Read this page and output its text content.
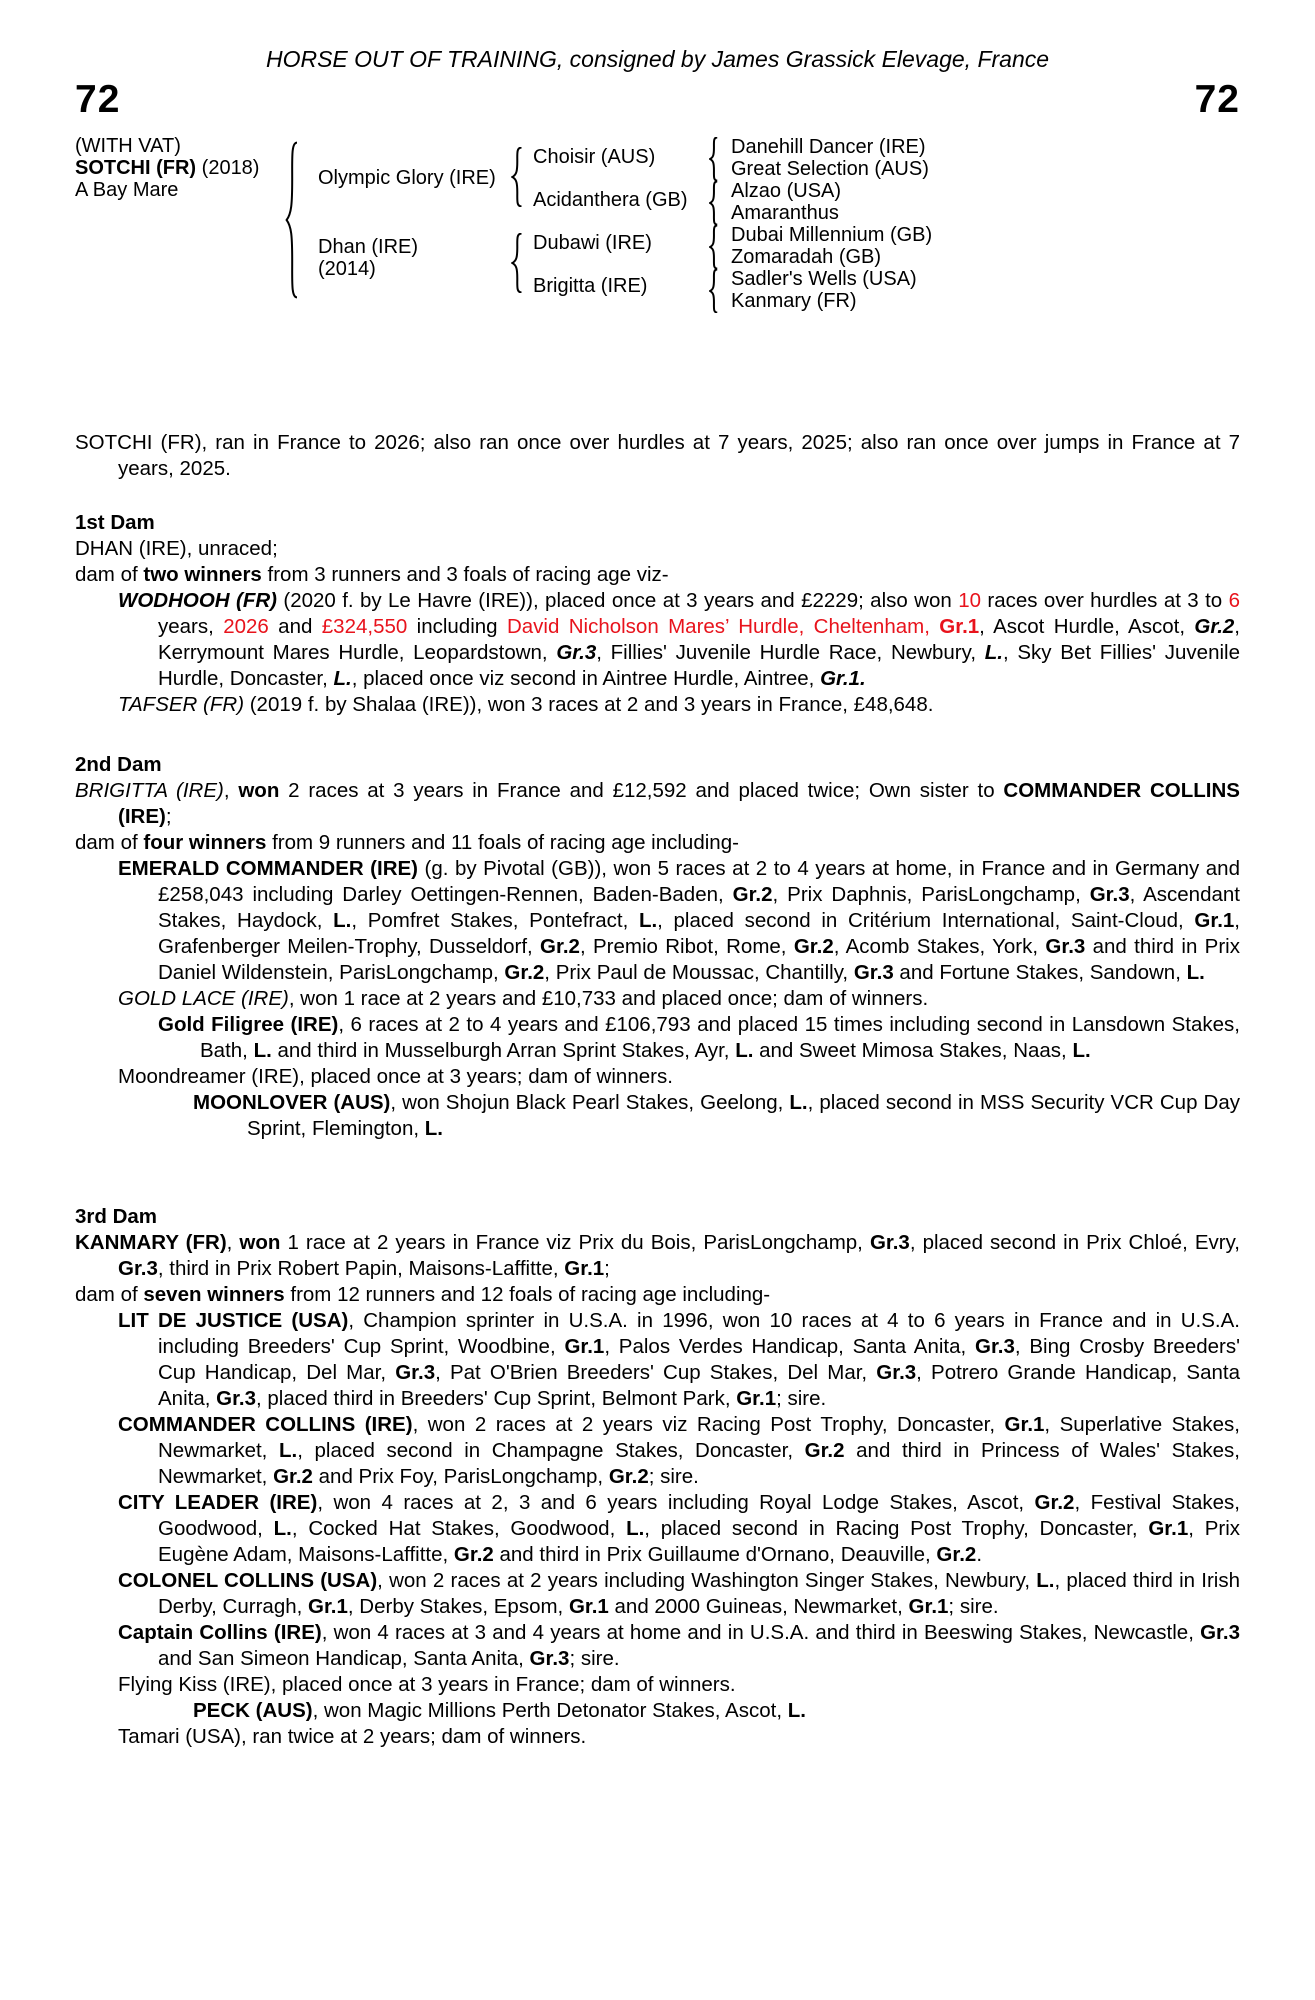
HORSE OUT OF TRAINING, consigned by James Grassick Elevage, France
72	72
(WITH VAT)
SOTCHI (FR) (2018)
A Bay Mare
Olympic Glory (IRE)
Dhan (IRE)
(2014)
Choisir (AUS)
Acidanthera (GB)
Dubawi (IRE)
Brigitta (IRE)
Danehill Dancer (IRE)
Great Selection (AUS)
Alzao (USA)
Amaranthus
Dubai Millennium (GB)
Zomaradah (GB)
Sadler's Wells (USA)
Kanmary (FR)
SOTCHI (FR), ran in France to 2026; also ran once over hurdles at 7 years, 2025; also ran once over jumps in France at 7 years, 2025.
1st Dam
DHAN (IRE), unraced;
dam of two winners from 3 runners and 3 foals of racing age viz-
WODHOOH (FR) (2020 f. by Le Havre (IRE)), placed once at 3 years and £2229; also won 10 races over hurdles at 3 to 6 years, 2026 and £324,550 including David Nicholson Mares’ Hurdle, Cheltenham, Gr.1, Ascot Hurdle, Ascot, Gr.2, Kerrymount Mares Hurdle, Leopardstown, Gr.3, Fillies' Juvenile Hurdle Race, Newbury, L., Sky Bet Fillies' Juvenile Hurdle, Doncaster, L., placed once viz second in Aintree Hurdle, Aintree, Gr.1.
TAFSER (FR) (2019 f. by Shalaa (IRE)), won 3 races at 2 and 3 years in France, £48,648.
2nd Dam
BRIGITTA (IRE), won 2 races at 3 years in France and £12,592 and placed twice; Own sister to COMMANDER COLLINS (IRE);
dam of four winners from 9 runners and 11 foals of racing age including-
EMERALD COMMANDER (IRE) (g. by Pivotal (GB)), won 5 races at 2 to 4 years at home, in France and in Germany and £258,043 including Darley Oettingen-Rennen, Baden-Baden, Gr.2, Prix Daphnis, ParisLongchamp, Gr.3, Ascendant Stakes, Haydock, L., Pomfret Stakes, Pontefract, L., placed second in Critérium International, Saint-Cloud, Gr.1, Grafenberger Meilen-Trophy, Dusseldorf, Gr.2, Premio Ribot, Rome, Gr.2, Acomb Stakes, York, Gr.3 and third in Prix Daniel Wildenstein, ParisLongchamp, Gr.2, Prix Paul de Moussac, Chantilly, Gr.3 and Fortune Stakes, Sandown, L.
GOLD LACE (IRE), won 1 race at 2 years and £10,733 and placed once; dam of winners.
Gold Filigree (IRE), 6 races at 2 to 4 years and £106,793 and placed 15 times including second in Lansdown Stakes, Bath, L. and third in Musselburgh Arran Sprint Stakes, Ayr, L. and Sweet Mimosa Stakes, Naas, L.
Moondreamer (IRE), placed once at 3 years; dam of winners.
MOONLOVER (AUS), won Shojun Black Pearl Stakes, Geelong, L., placed second in MSS Security VCR Cup Day Sprint, Flemington, L.
3rd Dam
KANMARY (FR), won 1 race at 2 years in France viz Prix du Bois, ParisLongchamp, Gr.3, placed second in Prix Chloé, Evry, Gr.3, third in Prix Robert Papin, Maisons-Laffitte, Gr.1;
dam of seven winners from 12 runners and 12 foals of racing age including-
LIT DE JUSTICE (USA), Champion sprinter in U.S.A. in 1996, won 10 races at 4 to 6 years in France and in U.S.A. including Breeders' Cup Sprint, Woodbine, Gr.1, Palos Verdes Handicap, Santa Anita, Gr.3, Bing Crosby Breeders' Cup Handicap, Del Mar, Gr.3, Pat O'Brien Breeders' Cup Stakes, Del Mar, Gr.3, Potrero Grande Handicap, Santa Anita, Gr.3, placed third in Breeders' Cup Sprint, Belmont Park, Gr.1; sire.
COMMANDER COLLINS (IRE), won 2 races at 2 years viz Racing Post Trophy, Doncaster, Gr.1, Superlative Stakes, Newmarket, L., placed second in Champagne Stakes, Doncaster, Gr.2 and third in Princess of Wales' Stakes, Newmarket, Gr.2 and Prix Foy, ParisLongchamp, Gr.2; sire.
CITY LEADER (IRE), won 4 races at 2, 3 and 6 years including Royal Lodge Stakes, Ascot, Gr.2, Festival Stakes, Goodwood, L., Cocked Hat Stakes, Goodwood, L., placed second in Racing Post Trophy, Doncaster, Gr.1, Prix Eugène Adam, Maisons-Laffitte, Gr.2 and third in Prix Guillaume d'Ornano, Deauville, Gr.2.
COLONEL COLLINS (USA), won 2 races at 2 years including Washington Singer Stakes, Newbury, L., placed third in Irish Derby, Curragh, Gr.1, Derby Stakes, Epsom, Gr.1 and 2000 Guineas, Newmarket, Gr.1; sire.
Captain Collins (IRE), won 4 races at 3 and 4 years at home and in U.S.A. and third in Beeswing Stakes, Newcastle, Gr.3 and San Simeon Handicap, Santa Anita, Gr.3; sire.
Flying Kiss (IRE), placed once at 3 years in France; dam of winners.
PECK (AUS), won Magic Millions Perth Detonator Stakes, Ascot, L.
Tamari (USA), ran twice at 2 years; dam of winners.
